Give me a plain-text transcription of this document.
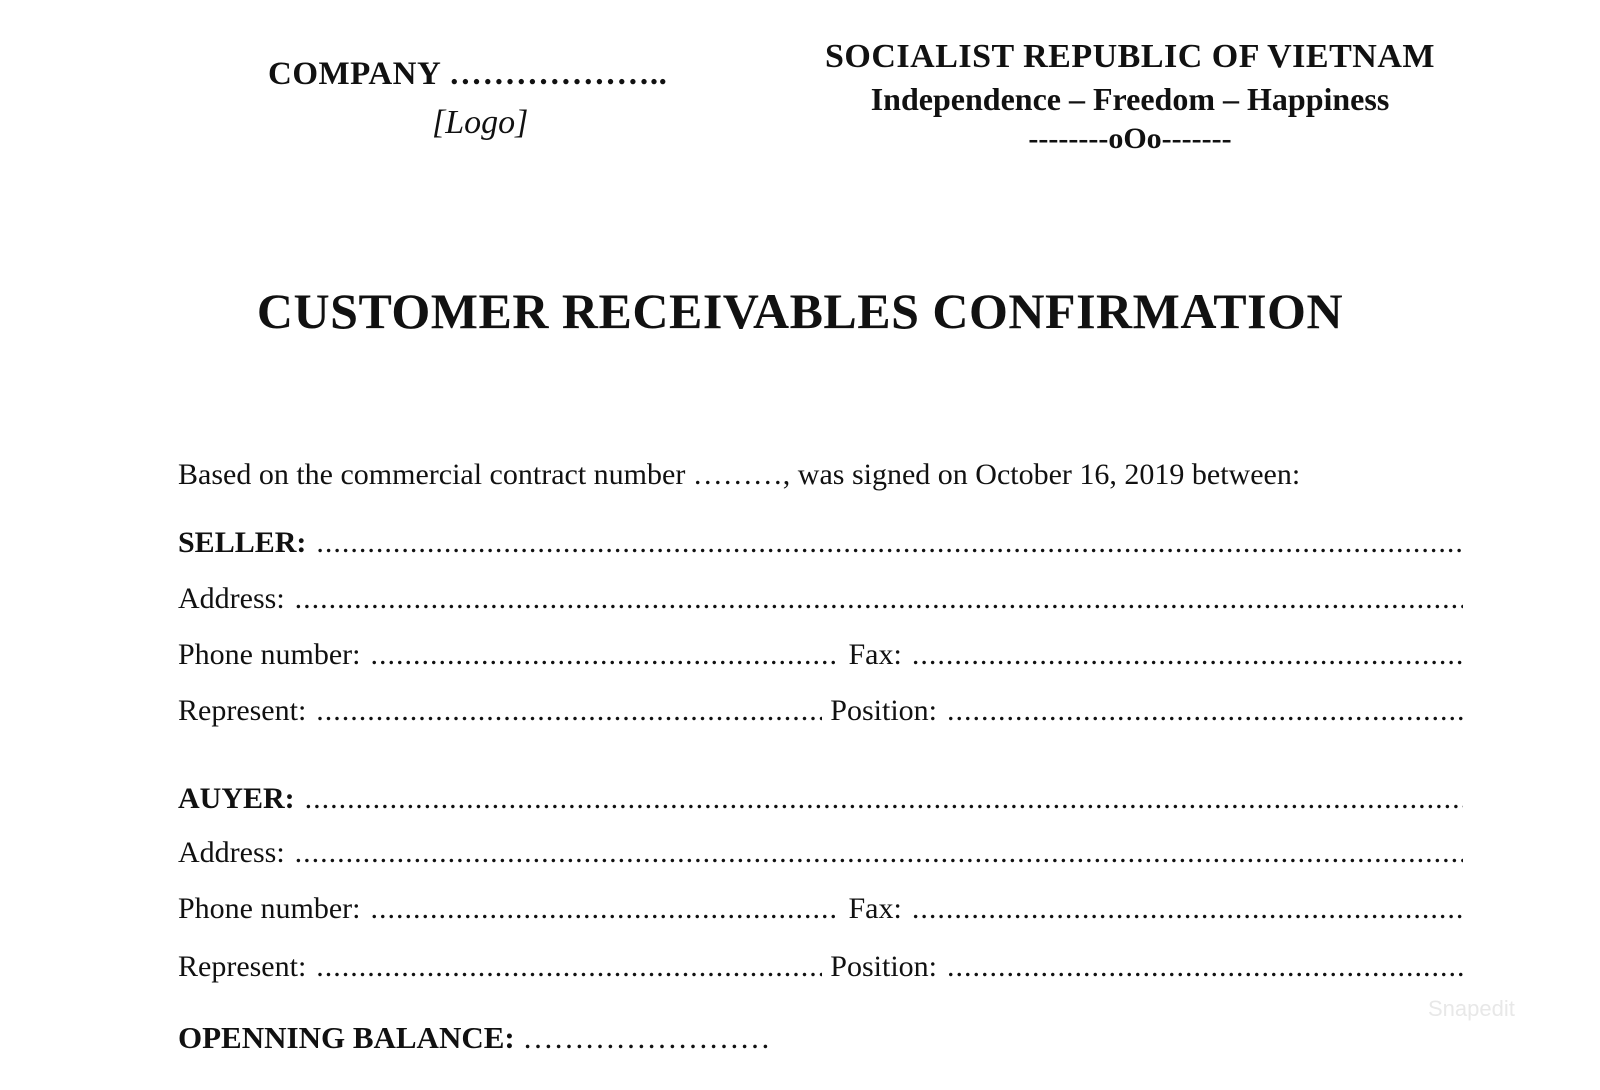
COMPANY ………………..
[Logo]
SOCIALIST REPUBLIC OF VIETNAM
Independence – Freedom – Happiness
--------oOo-------
CUSTOMER RECEIVABLES CONFIRMATION
Based on the commercial contract number ………, was signed on October 16, 2019 between:
SELLER:
.....
Address:
.....
Phone number: .....	Fax:
.....
Represent: .....	Position:
.....
AUYER:
.....
Address:
.....
Phone number: .....	Fax:
.....
Represent: .....	Position:
.....
OPENNING BALANCE: ……………………
Snapedit
